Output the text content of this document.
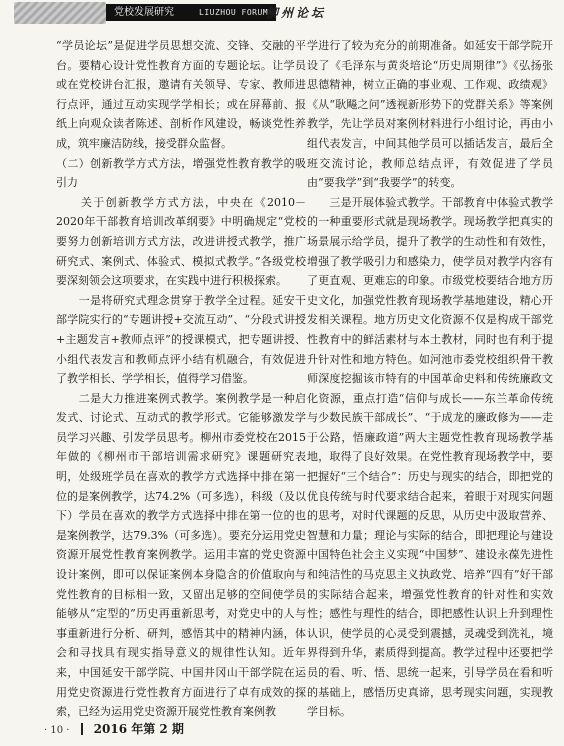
党校发展研究	LIUZHOU FORUM
柳州论坛

“学员论坛”是促进学员思想交流、交锋、交融的平台。要精心设计党性教育方面的专题论坛。让学员或在党校讲台汇报，邀请有关领导、专家、教师进行点评，通过互动实现学学相长；或在屏幕前、报纸上向观众读者陈述、剖析作风建设，畅谈党性养成，筑牢廉洁防线，接受群众监督。

（二）创新教学方式方法，增强党性教育教学的吸引力

　　关于创新教学方式方法，中央在《2010－2020年干部教育培训改革纲要》中明确规定“党校要努力创新培训方式方法，改进讲授式教学，推广研究式、案例式、体验式、模拟式教学。”各级党校要深刻领会这项要求，在实践中进行积极探索。

　　一是将研究式理念贯穿于教学全过程。延安干部学院实行的“专题讲授+交流互动”、“分段式讲授+主题发言+教师点评”的授课模式，把专题讲授、小组代表发言和教师点评小结有机融合，有效促进了教学相长、学学相长，值得学习借鉴。

　　二是大力推进案例式教学。案例教学是一种启发式、讨论式、互动式的教学形式。它能够激发学员学习兴趣、引发学员思考。柳州市委党校在2015年做的《柳州市干部培训需求研究》课题研究表明，处级班学员在喜欢的教学方式选择中排在第一位的是案例教学，达74.2%（可多选），科级（及以下）学员在喜欢的教学方式选择中排在第一位的也是案例教学，达79.3%（可多选）。要充分运用党史资源开展党性教育案例教学。运用丰富的党史资源设计案例，即可以保证案例本身隐含的价值取向与党性教育的目标相一致，又留出足够的空间使学员能够从“定型的”历史再重新思考，对党史中的人与事重新进行分析、研判，感悟其中的精神内涵，体会和寻找具有现实指导意义的规律性认知。近年来，中国延安干部学院、中国井冈山干部学院在运用党史资源进行党性教育方面进行了卓有成效的探索，已经为运用党史资源开展党性教育案例教

学进行了较为充分的前期准备。如延安干部学院开设了《毛泽东与黄炎培论“历史周期律”》《弘扬张思德精神，树立正确的事业观、工作观、政绩观》《从“耿飚之问”透视新形势下的党群关系》等案例教学，先让学员对案例材料进行小组讨论，再由小组代表发言，中间其他学员可以插话发言，最后全班交流讨论，教师总结点评，有效促进了学员由“要我学”到“我要学”的转变。

　　三是开展体验式教学。干部教育中体验式教学的一种重要形式就是现场教学。现场教学把真实的场景展示给学员，提升了教学的生动性和有效性，增强了教学吸引力和感染力，使学员对教学内容有了更直观、更难忘的印象。市级党校要结合地方历史文化，加强党性教育现场教学基地建设，精心开发相关课程。地方历史文化资源不仅是构成干部党性教育中的鲜活素材与本土教材，同时也有利于提升针对性和地方特色。如河池市委党校组织骨干教师深度挖掘该市特有的中国革命史料和传统廉政文化资源，重点打造“信仰与成长——东兰革命传统与少数民族干部成长”、“于成龙的廉政修为——走于公路，悟廉政道”两大主题党性教育现场教学基地，取得了良好效果。在党性教育现场教学中，要把握好“三个结合”：历史与现实的结合，即把党的优良传统与时代要求结合起来，着眼于对现实问题的思考，对时代课题的反思，从历史中汲取营养、智慧和力量；理论与实际的结合，即把理论与建设中国特色社会主义实现“中国梦”、建设永葆先进性和纯洁性的马克思主义执政党、培养“四有”好干部的实际结合起来，增强党性教育的针对性和实效性；感性与理性的结合，即把感性认识上升到理性认识，使学员的心灵受到震撼，灵魂受到洗礼，境界得到升华，素质得到提高。教学过程中还要把学员的看、听、悟、思统一起来，引导学员在看和听的基础上，感悟历史真谛，思考现实问题，实现教学目标。

· 10 · 2016 年第 2 期
